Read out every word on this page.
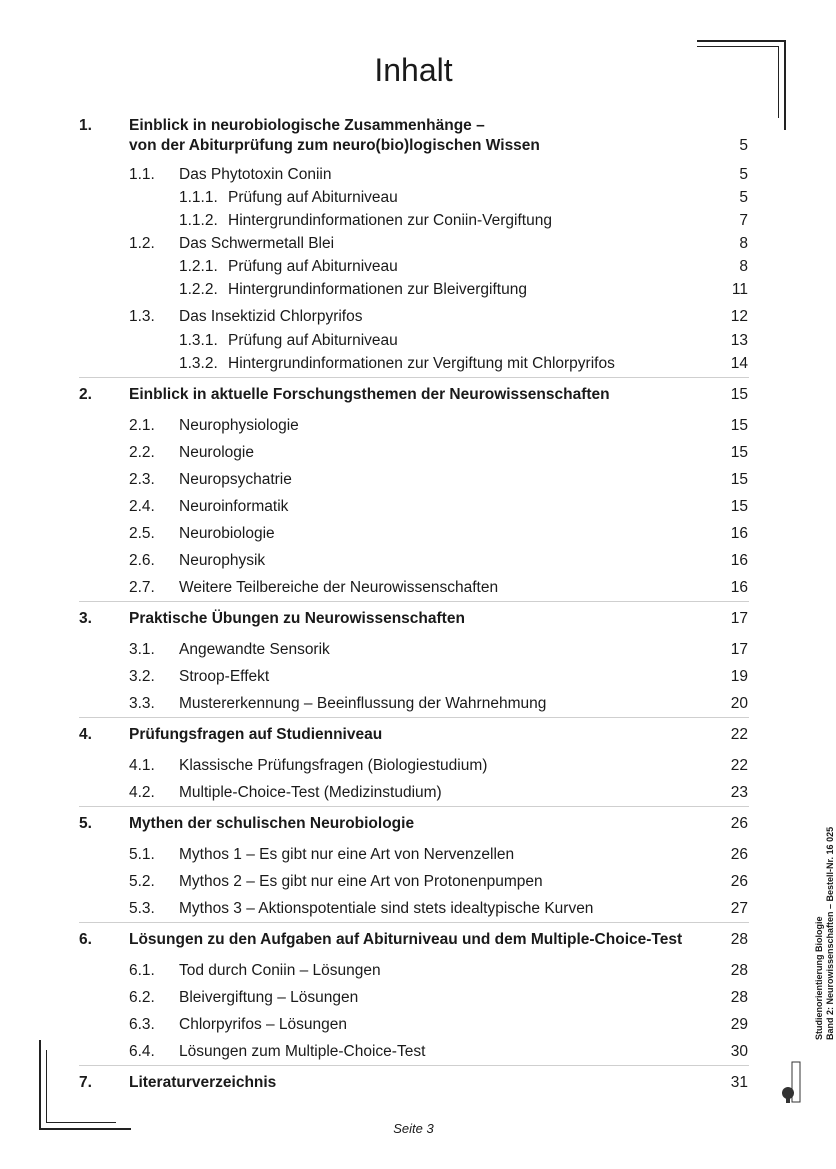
Inhalt
1. Einblick in neurobiologische Zusammenhänge –
von der Abiturprüfung zum neuro(bio)logischen Wissen	5
1.1. Das Phytotoxin Coniin	5
1.1.1. Prüfung auf Abiturniveau	5
1.1.2. Hintergrundinformationen zur Coniin-Vergiftung	7
1.2. Das Schwermetall Blei	8
1.2.1. Prüfung auf Abiturniveau	8
1.2.2. Hintergrundinformationen zur Bleivergiftung	11
1.3. Das Insektizid Chlorpyrifos	12
1.3.1. Prüfung auf Abiturniveau	13
1.3.2. Hintergrundinformationen zur Vergiftung mit Chlorpyrifos	14
2. Einblick in aktuelle Forschungsthemen der Neurowissenschaften	15
2.1. Neurophysiologie	15
2.2. Neurologie	15
2.3. Neuropsychatrie	15
2.4. Neuroinformatik	15
2.5. Neurobiologie	16
2.6. Neurophysik	16
2.7. Weitere Teilbereiche der Neurowissenschaften	16
3. Praktische Übungen zu Neurowissenschaften	17
3.1. Angewandte Sensorik	17
3.2. Stroop-Effekt	19
3.3. Mustererkennung – Beeinflussung der Wahrnehmung	20
4. Prüfungsfragen auf Studienniveau	22
4.1. Klassische Prüfungsfragen (Biologiestudium)	22
4.2. Multiple-Choice-Test (Medizinstudium)	23
5. Mythen der schulischen Neurobiologie	26
5.1. Mythos 1 – Es gibt nur eine Art von Nervenzellen	26
5.2. Mythos 2 – Es gibt nur eine Art von Protonenpumpen	26
5.3. Mythos 3 – Aktionspotentiale sind stets idealtypische Kurven	27
6. Lösungen zu den Aufgaben auf Abiturniveau und dem Multiple-Choice-Test	28
6.1. Tod durch Coniin – Lösungen	28
6.2. Bleivergiftung – Lösungen	28
6.3. Chlorpyrifos – Lösungen	29
6.4. Lösungen zum Multiple-Choice-Test	30
7. Literaturverzeichnis	31
Seite 3
Studienorientierung Biologie Band 2: Neurowissenschaften – Bestell-Nr. 16 025
